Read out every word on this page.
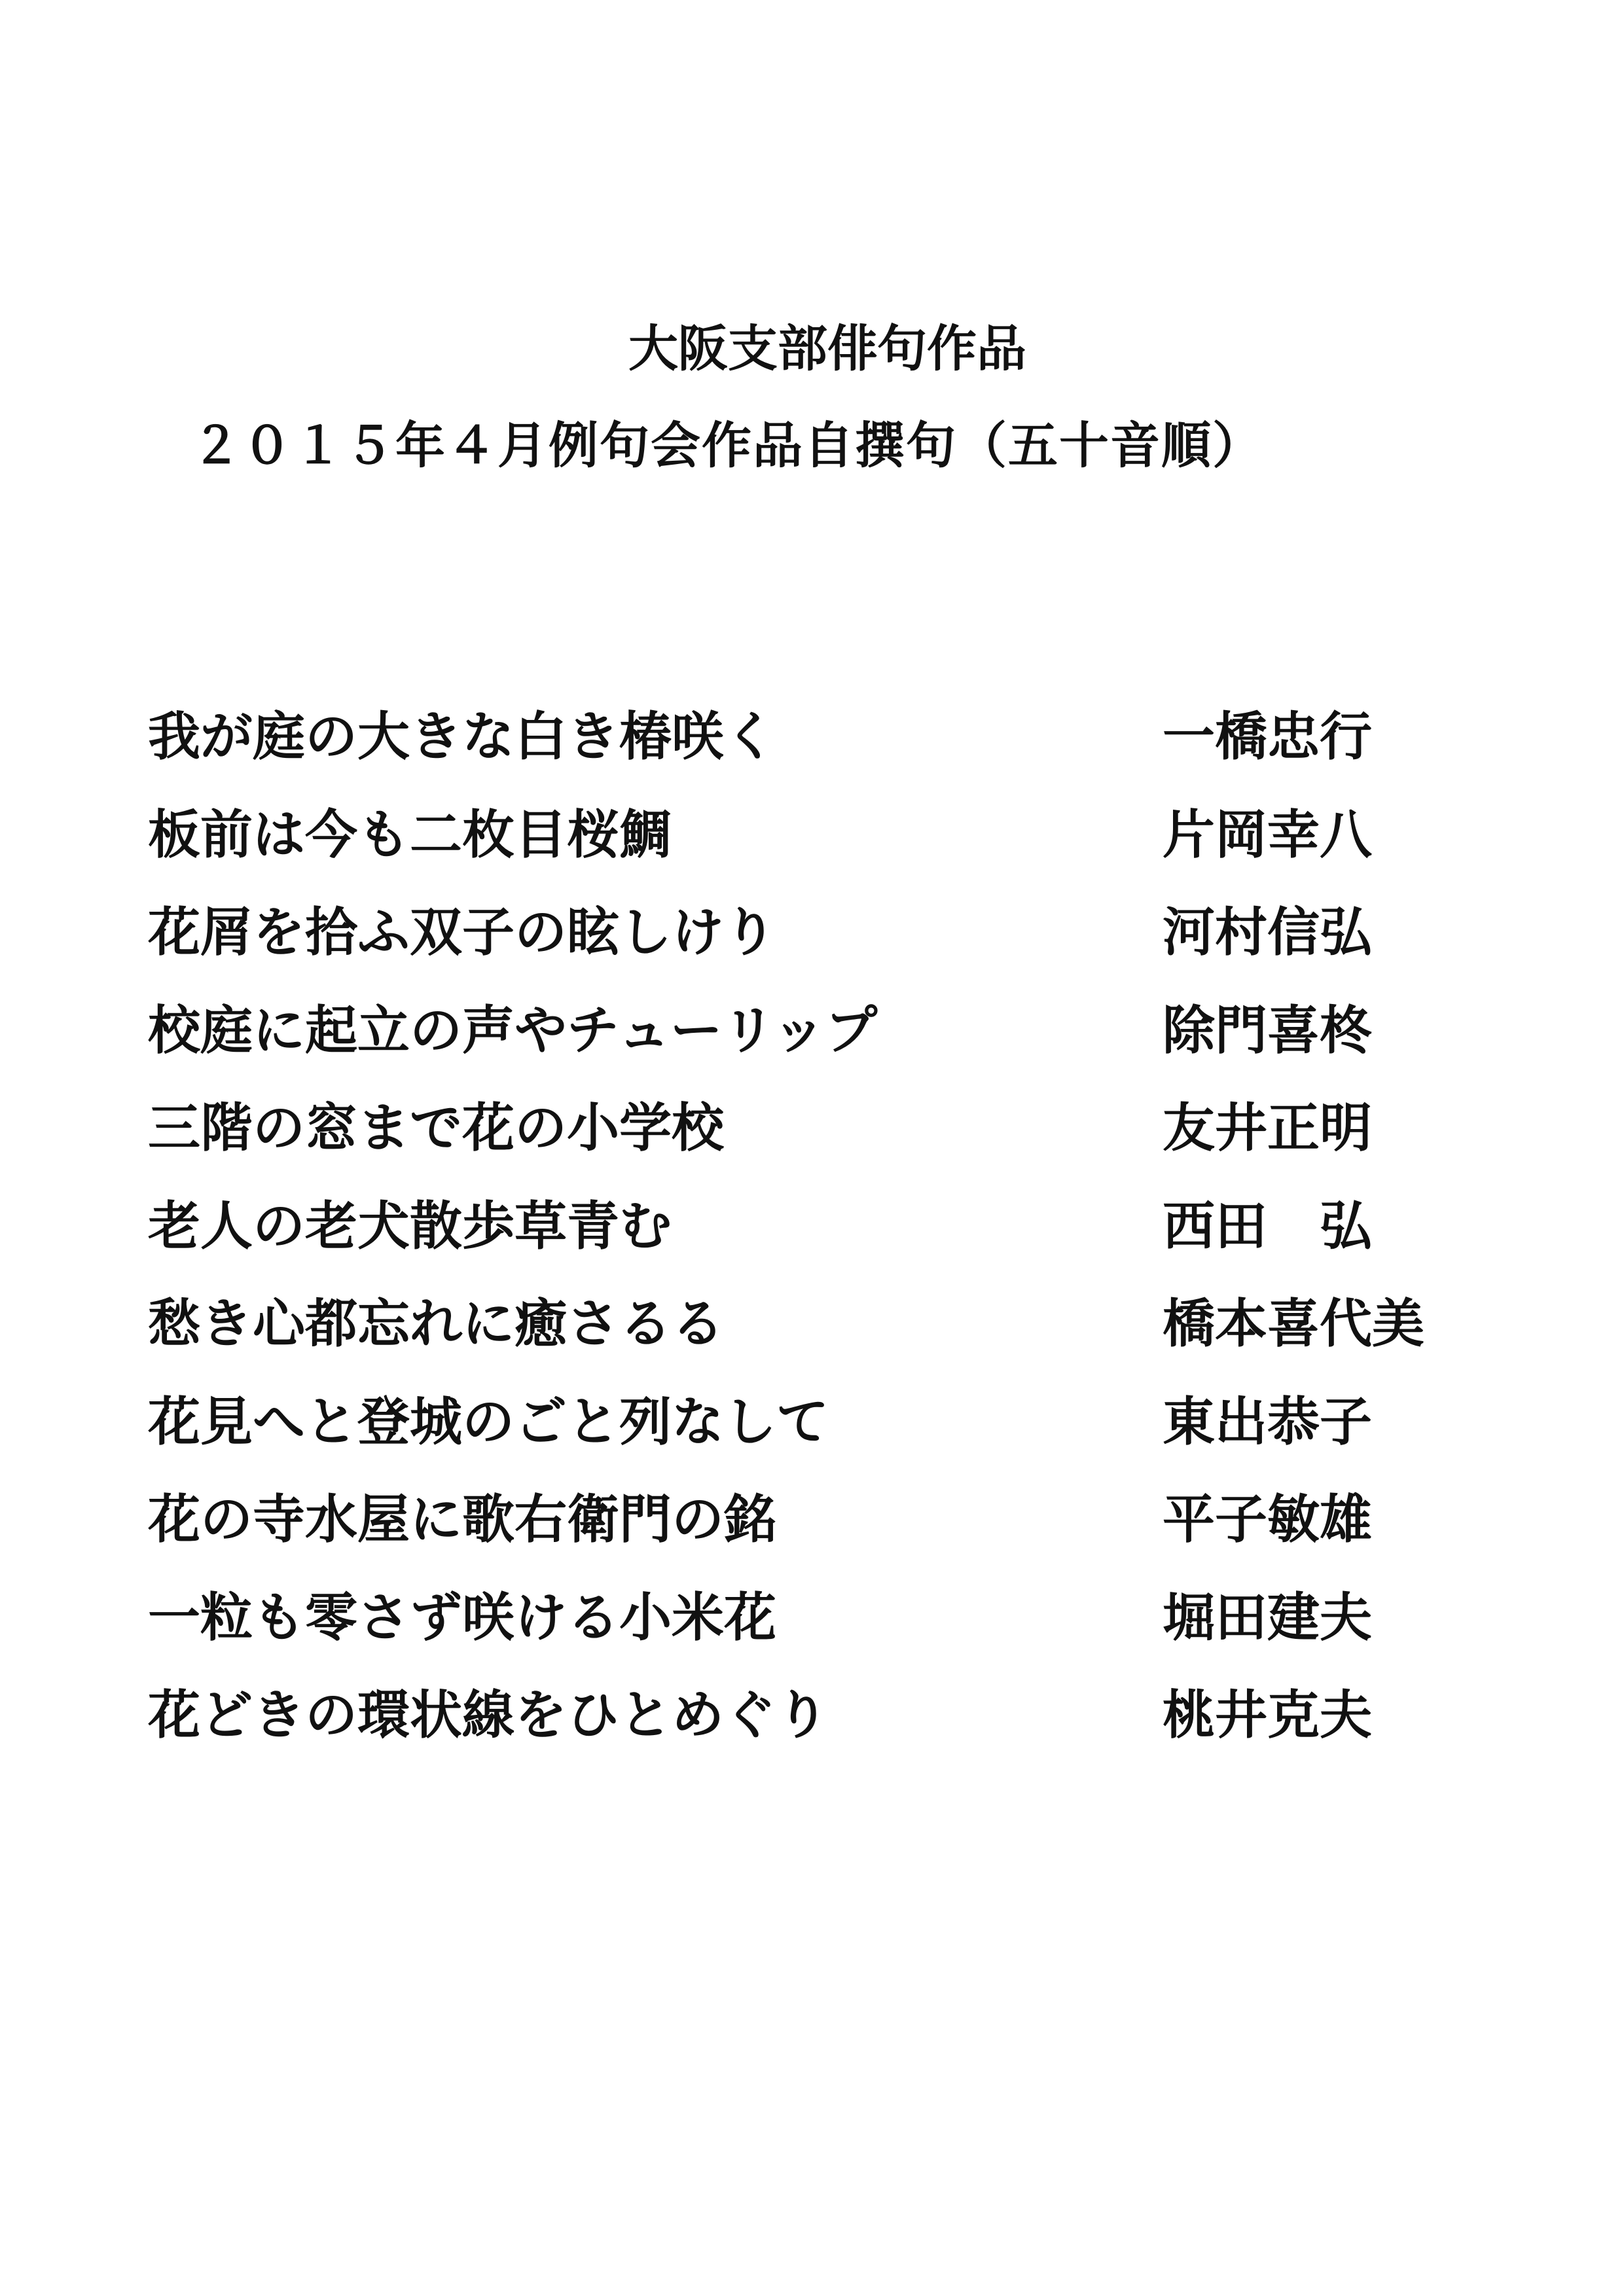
大阪支部俳句作品
２０１５年４月例句会作品自撰句（五十音順）
我が庭の大きな白き椿咲く	一橋忠行
板前は今も二枚目桜鯛	片岡幸八
花屑を拾ふ双子の眩しけり	河村信弘
校庭に起立の声やチューリップ	除門喜柊
三階の窓まで花の小学校	友井正明
老人の老犬散歩草青む	西田　弘
愁き心都忘れに癒さるる	橋本喜代美
花見へと登城のごと列なして	東出恭子
花の寺水屋に歌右衛門の銘	平子敏雄
一粒も零さず咲ける小米花	堀田建夫
花どきの環状線をひとめぐり	桃井克夫
